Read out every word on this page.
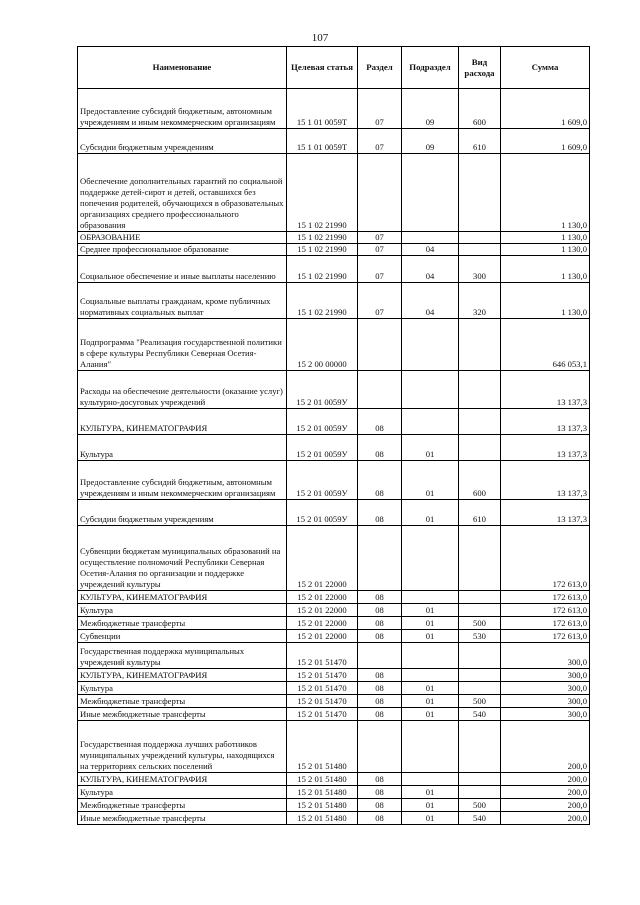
107
Наименование	Целевая статья	Раздел	Подраздел	Вид расхода	Сумма
Предоставление субсидий бюджетным, автономным учреждениям и иным некоммерческим организациям	15 1 01 0059Т	07	09	600	1 609,0
Субсидии бюджетным учреждениям	15 1 01 0059Т	07	09	610	1 609,0
Обеспечение дополнительных гарантий по социальной поддержке детей-сирот и детей, оставшихся без попечения родителей, обучающихся в образовательных организациях среднего профессионального образования	15 1 02 21990				1 130,0
ОБРАЗОВАНИЕ	15 1 02 21990	07			1 130,0
Среднее профессиональное образование	15 1 02 21990	07	04		1 130,0
Социальное обеспечение и иные выплаты населению	15 1 02 21990	07	04	300	1 130,0
Социальные выплаты гражданам, кроме публичных нормативных социальных выплат	15 1 02 21990	07	04	320	1 130,0
Подпрограмма "Реализация государственной политики в сфере культуры Республики Северная Осетия-Алания"	15 2 00 00000				646 053,1
Расходы на обеспечение деятельности (оказание услуг) культурно-досуговых учреждений	15 2 01 0059У				13 137,3
КУЛЬТУРА, КИНЕМАТОГРАФИЯ	15 2 01 0059У	08			13 137,3
Культура	15 2 01 0059У	08	01		13 137,3
Предоставление субсидий бюджетным, автономным учреждениям и иным некоммерческим организациям	15 2 01 0059У	08	01	600	13 137,3
Субсидии бюджетным учреждениям	15 2 01 0059У	08	01	610	13 137,3
Субвенции бюджетам муниципальных образований на осуществление полномочий Республики Северная Осетия-Алания по организации и поддержке учреждений культуры	15 2 01 22000				172 613,0
КУЛЬТУРА, КИНЕМАТОГРАФИЯ	15 2 01 22000	08			172 613,0
Культура	15 2 01 22000	08	01		172 613,0
Межбюджетные трансферты	15 2 01 22000	08	01	500	172 613,0
Субвенции	15 2 01 22000	08	01	530	172 613,0
Государственная поддержка муниципальных учреждений культуры	15 2 01 51470				300,0
КУЛЬТУРА, КИНЕМАТОГРАФИЯ	15 2 01 51470	08			300,0
Культура	15 2 01 51470	08	01		300,0
Межбюджетные трансферты	15 2 01 51470	08	01	500	300,0
Иные межбюджетные трансферты	15 2 01 51470	08	01	540	300,0
Государственная поддержка лучших работников муниципальных учреждений культуры, находящихся на территориях сельских поселений	15 2 01 51480				200,0
КУЛЬТУРА, КИНЕМАТОГРАФИЯ	15 2 01 51480	08			200,0
Культура	15 2 01 51480	08	01		200,0
Межбюджетные трансферты	15 2 01 51480	08	01	500	200,0
Иные межбюджетные трансферты	15 2 01 51480	08	01	540	200,0
